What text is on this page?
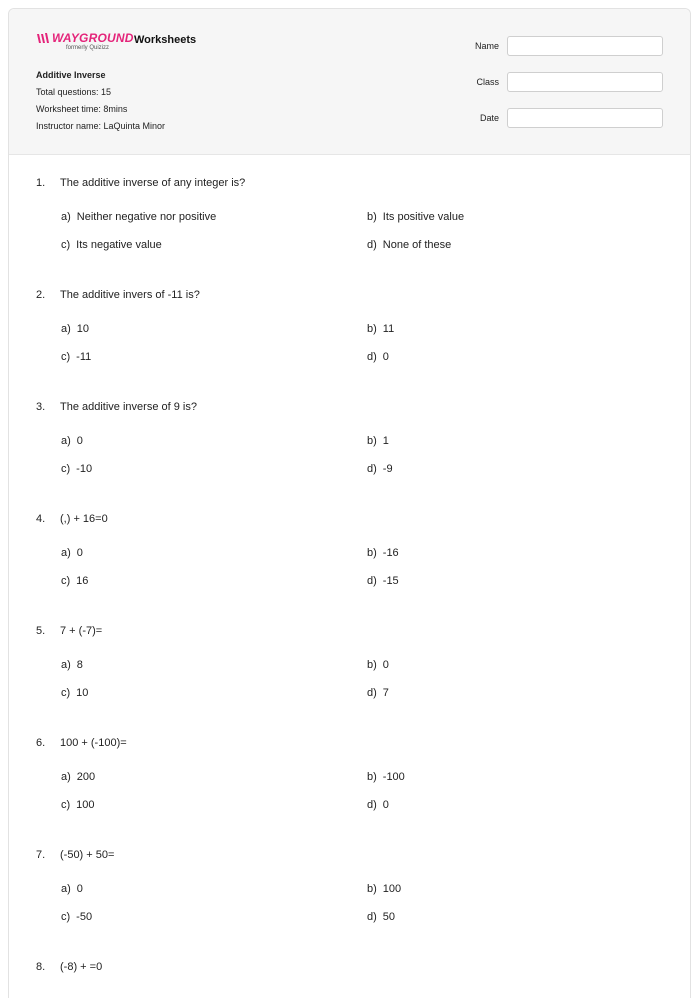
WAYGROUND
formerly Quizizz
Worksheets
Additive Inverse
Total questions: 15
Worksheet time: 8mins
Instructor name: LaQuinta Minor
Name
Class
Date
1.	The additive inverse of any integer is?
a) Neither negative nor positive	b) Its positive value
c) Its negative value	d) None of these
2.	The additive invers of -11 is?
a) 10	b) 11
c) -11	d) 0
3.	The additive inverse of 9 is?
a) 0	b) 1
c) -10	d) -9
4.	(,) + 16=0
a) 0	b) -16
c) 16	d) -15
5.	7 + (-7)=
a) 8	b) 0
c) 10	d) 7
6.	100 + (-100)=
a) 200	b) -100
c) 100	d) 0
7.	(-50) + 50=
a) 0	b) 100
c) -50	d) 50
8.	(-8) + =0
